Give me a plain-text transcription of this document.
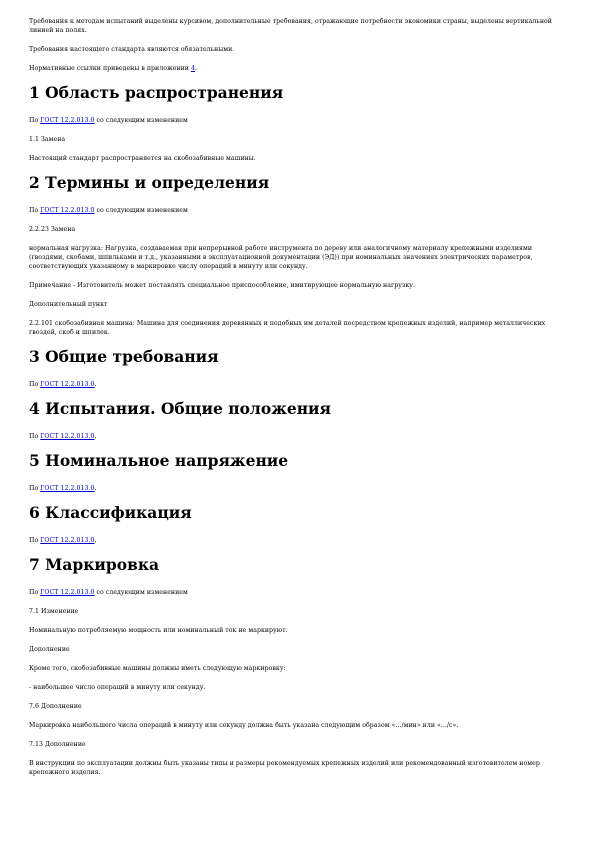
Требования к методам испытаний выделены курсивом, дополнительные требования, отражающие потребности экономики страны, выделены вертикальной линией на полях.

Требования настоящего стандарта являются обязательными.

Нормативные ссылки приведены в приложении 4.

1 Область распространения

По ГОСТ 12.2.013.0 со следующим изменением

1.1 Замена

Настоящий стандарт распространяется на скобозабивные машины.

2 Термины и определения

По ГОСТ 12.2.013.0 со следующим изменением

2.2.23 Замена

нормальная нагрузка: Нагрузка, создаваемая при непрерывной работе инструмента по дереву или аналогичному материалу крепежными изделиями (гвоздями, скобами, шпильками и т.д., указанными в эксплуатационной документации (ЭД)) при номинальных значениях электрических параметров, соответствующих указанному в маркировке числу операций в минуту или секунду.

Примечание - Изготовитель может поставлять специальное приспособление, имитирующее нормальную нагрузку.

Дополнительный пункт

2.2.101 скобозабивная машина: Машина для соединения деревянных и подобных им деталей посредством крепежных изделий, например металлических гвоздей, скоб и шпилек.

3 Общие требования

По ГОСТ 12.2.013.0.

4 Испытания. Общие положения

По ГОСТ 12.2.013.0.

5 Номинальное напряжение

По ГОСТ 12.2.013.0.

6 Классификация

По ГОСТ 12.2.013.0.

7 Маркировка

По ГОСТ 12.2.013.0 со следующим изменением

7.1 Изменение

Номинальную потребляемую мощность или номинальный ток не маркируют.

Дополнение

Кроме того, скобозабивные машины должны иметь следующую маркировку:

- наибольшее число операций в минуту или секунду.

7.6 Дополнение

Маркировка наибольшего числа операций в минуту или секунду должна быть указана следующим образом «.../мин» или «.../с».

7.13 Дополнение

В инструкции по эксплуатации должны быть указаны типы и размеры рекомендуемых крепежных изделий или рекомендованный изготовителем номер крепежного изделия.
